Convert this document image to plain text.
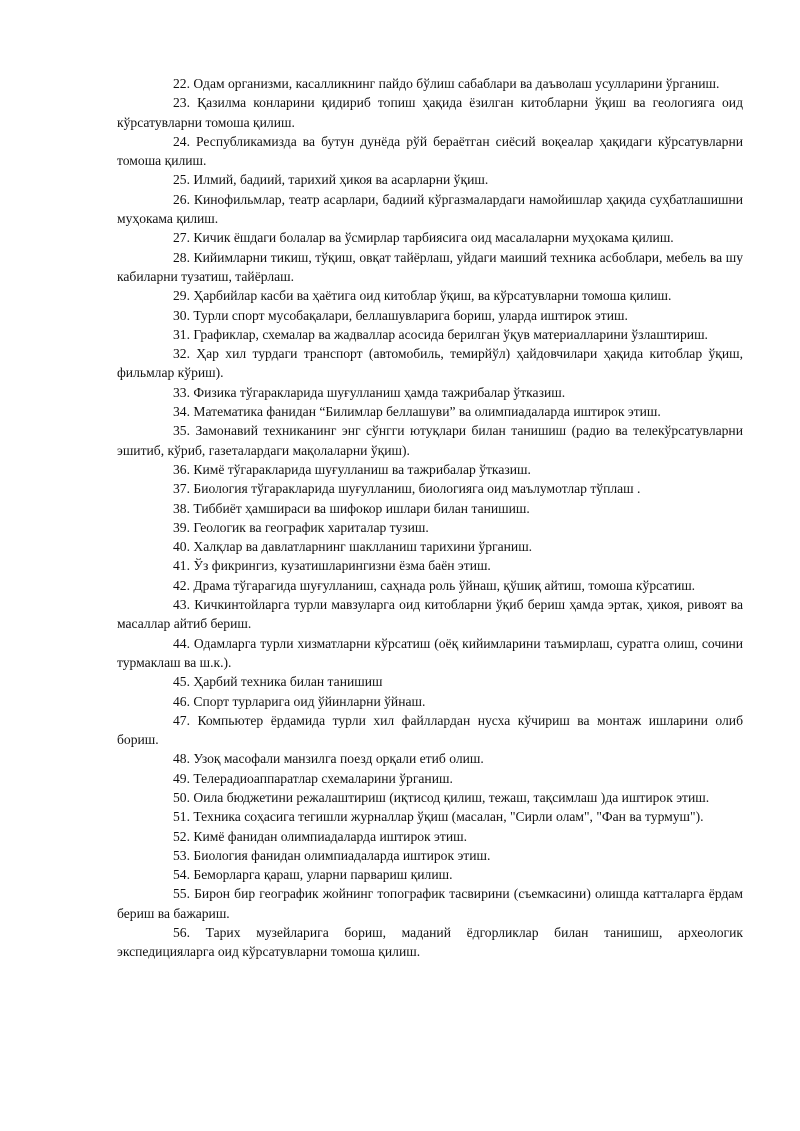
22. Одам организми, касалликнинг пайдо бўлиш сабаблари ва даъволаш усулларини ўрганиш.

23. Қазилма конларини қидириб топиш ҳақида ёзилган китобларни ўқиш ва геологияга оид кўрсатувларни томоша қилиш.

24. Республикамизда ва бутун дунёда рўй бераётган сиёсий воқеалар ҳақидаги кўрсатувларни томоша қилиш.

25. Илмий, бадиий, тарихий ҳикоя ва асарларни ўқиш.

26. Кинофильмлар, театр асарлари, бадиий кўргазмалардаги намойишлар ҳақида суҳбатлашишни муҳокама қилиш.

27. Кичик ёшдаги болалар ва ўсмирлар тарбиясига оид масалаларни муҳокама қилиш.

28. Кийимларни тикиш, тўқиш, овқат тайёрлаш, уйдаги маиший техника асбоблари, мебель ва шу кабиларни тузатиш, тайёрлаш.

29. Ҳарбийлар касби ва ҳаётига оид китоблар ўқиш, ва кўрсатувларни томоша қилиш.

30. Турли спорт мусобақалари, беллашувларига бориш, уларда иштирок этиш.

31. Графиклар, схемалар ва жадваллар асосида берилган ўқув материалларини ўзлаштириш.

32. Ҳар хил турдаги транспорт (автомобиль, темирйўл) ҳайдовчилари ҳақида китоблар ўқиш, фильмлар кўриш).

33. Физика тўгаракларида шуғулланиш ҳамда тажрибалар ўтказиш.

34. Математика фанидан “Билимлар беллашуви” ва олимпиадаларда иштирок этиш.

35. Замонавий техниканинг энг сўнгги ютуқлари билан танишиш (радио ва телекўрсатувларни эшитиб, кўриб, газеталардаги мақолаларни ўқиш).

36. Кимё тўгаракларида шуғулланиш ва тажрибалар ўтказиш.

37. Биология тўгаракларида шуғулланиш, биологияга оид маълумотлар тўплаш .

38. Тиббиёт ҳамшираси ва шифокор ишлари билан танишиш.

39. Геологик ва географик хариталар тузиш.

40. Халқлар ва давлатларнинг шаклланиш тарихини ўрганиш.

41. Ўз фикрингиз, кузатишларингизни ёзма баён этиш.

42. Драма тўгарагида шуғулланиш, саҳнада роль ўйнаш, қўшиқ айтиш, томоша кўрсатиш.

43. Кичкинтойларга турли мавзуларга оид китобларни ўқиб бериш ҳамда эртак, ҳикоя, ривоят ва масаллар айтиб бериш.

44. Одамларга турли хизматларни кўрсатиш (оёқ кийимларини таъмирлаш, суратга олиш, сочини турмаклаш ва ш.к.).

45. Ҳарбий техника билан танишиш

46. Спорт турларига оид ўйинларни ўйнаш.

47. Компьютер ёрдамида турли хил файллардан нусха кўчириш ва монтаж ишларини олиб бориш.

48. Узоқ масофали манзилга поезд орқали етиб олиш.

49. Телерадиоаппаратлар схемаларини ўрганиш.

50. Оила бюджетини режалаштириш (иқтисод қилиш, тежаш, тақсимлаш )да иштирок этиш.

51. Техника соҳасига тегишли журналлар ўқиш (масалан, "Сирли олам", "Фан ва турмуш").

52. Кимё фанидан олимпиадаларда иштирок этиш.

53. Биология фанидан олимпиадаларда иштирок этиш.

54. Беморларга қараш, уларни парвариш қилиш.

55. Бирон бир географик жойнинг топографик тасвирини (съемкасини) олишда катталарга ёрдам бериш ва бажариш.

56. Тарих музейларига бориш, маданий ёдгорликлар билан танишиш, археологик экспедицияларга оид кўрсатувларни томоша қилиш.
